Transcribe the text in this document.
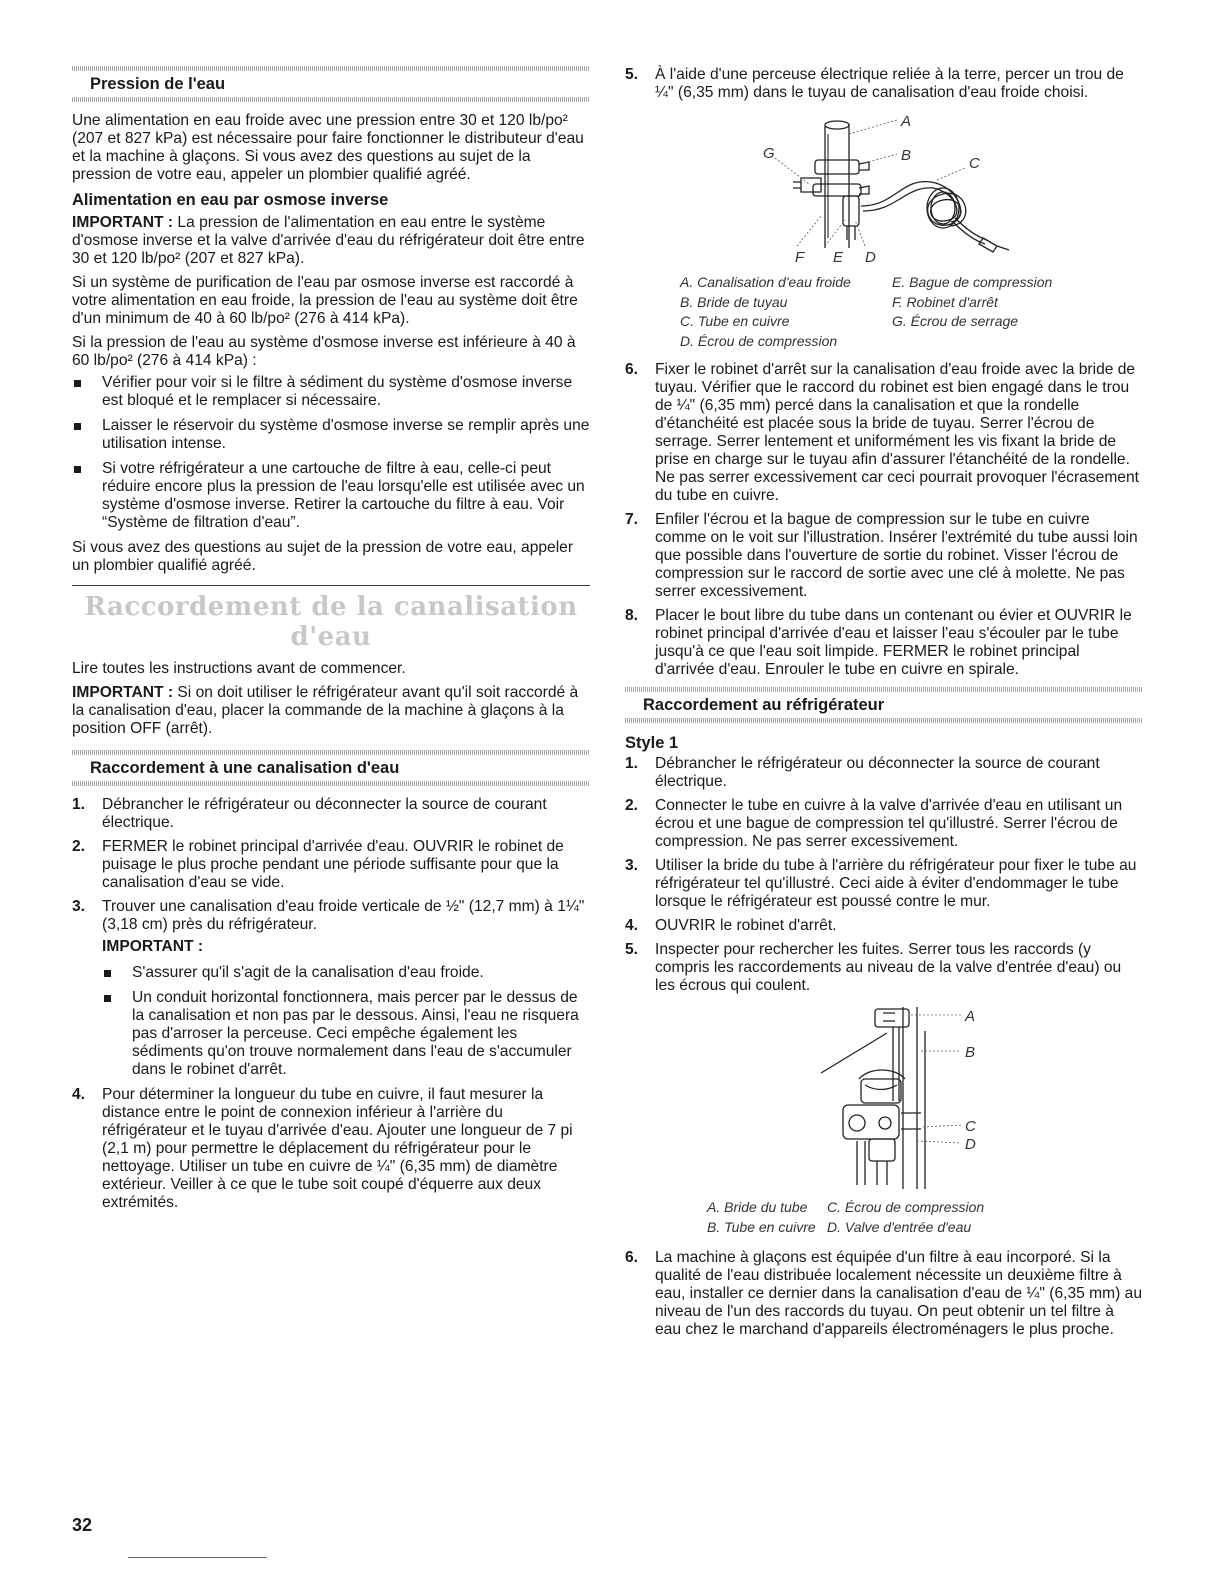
Pression de l'eau

Une alimentation en eau froide avec une pression entre 30 et 120 lb/po² (207 et 827 kPa) est nécessaire pour faire fonctionner le distributeur d'eau et la machine à glaçons. Si vous avez des questions au sujet de la pression de votre eau, appeler un plombier qualifié agréé.

Alimentation en eau par osmose inverse

IMPORTANT : La pression de l'alimentation en eau entre le système d'osmose inverse et la valve d'arrivée d'eau du réfrigérateur doit être entre 30 et 120 lb/po² (207 et 827 kPa).

Si un système de purification de l'eau par osmose inverse est raccordé à votre alimentation en eau froide, la pression de l'eau au système doit être d'un minimum de 40 à 60 lb/po² (276 à 414 kPa).

Si la pression de l'eau au système d'osmose inverse est inférieure à 40 à 60 lb/po² (276 à 414 kPa) :

Vérifier pour voir si le filtre à sédiment du système d'osmose inverse est bloqué et le remplacer si nécessaire.
Laisser le réservoir du système d'osmose inverse se remplir après une utilisation intense.
Si votre réfrigérateur a une cartouche de filtre à eau, celle-ci peut réduire encore plus la pression de l'eau lorsqu'elle est utilisée avec un système d'osmose inverse. Retirer la cartouche du filtre à eau. Voir “Système de filtration d'eau”.

Si vous avez des questions au sujet de la pression de votre eau, appeler un plombier qualifié agréé.

Raccordement de la canalisation d'eau

Lire toutes les instructions avant de commencer.

IMPORTANT : Si on doit utiliser le réfrigérateur avant qu'il soit raccordé à la canalisation d'eau, placer la commande de la machine à glaçons à la position OFF (arrêt).

Raccordement à une canalisation d'eau
1. Débrancher le réfrigérateur ou déconnecter la source de courant électrique.
2. FERMER le robinet principal d'arrivée d'eau. OUVRIR le robinet de puisage le plus proche pendant une période suffisante pour que la canalisation d'eau se vide.
3. Trouver une canalisation d'eau froide verticale de ½" (12,7 mm) à 1¼" (3,18 cm) près du réfrigérateur.

IMPORTANT :

S'assurer qu'il s'agit de la canalisation d'eau froide.
Un conduit horizontal fonctionnera, mais percer par le dessus de la canalisation et non pas par le dessous. Ainsi, l'eau ne risquera pas d'arroser la perceuse. Ceci empêche également les sédiments qu'on trouve normalement dans l'eau de s'accumuler dans le robinet d'arrêt.
4. Pour déterminer la longueur du tube en cuivre, il faut mesurer la distance entre le point de connexion inférieur à l'arrière du réfrigérateur et le tuyau d'arrivée d'eau. Ajouter une longueur de 7 pi (2,1 m) pour permettre le déplacement du réfrigérateur pour le nettoyage. Utiliser un tube en cuivre de ¼" (6,35 mm) de diamètre extérieur. Veiller à ce que le tube soit coupé d'équerre aux deux extrémités.
5. À l'aide d'une perceuse électrique reliée à la terre, percer un trou de ¼" (6,35 mm) dans le tuyau de canalisation d'eau froide choisi.
A
B	C
D
E
F
G

A. Canalisation d'eau froide

B. Bride de tuyau

C. Tube en cuivre

D. Écrou de compression

E. Bague de compression

F. Robinet d'arrêt

G. Écrou de serrage

6. Fixer le robinet d'arrêt sur la canalisation d'eau froide avec la bride de tuyau. Vérifier que le raccord du robinet est bien engagé dans le trou de ¼" (6,35 mm) percé dans la canalisation et que la rondelle d'étanchéité est placée sous la bride de tuyau. Serrer l'écrou de serrage. Serrer lentement et uniformément les vis fixant la bride de prise en charge sur le tuyau afin d'assurer l'étanchéité de la rondelle. Ne pas serrer excessivement car ceci pourrait provoquer l'écrasement du tube en cuivre.
7. Enfiler l'écrou et la bague de compression sur le tube en cuivre comme on le voit sur l'illustration. Insérer l'extrémité du tube aussi loin que possible dans l'ouverture de sortie du robinet. Visser l'écrou de compression sur le raccord de sortie avec une clé à molette. Ne pas serrer excessivement.
8. Placer le bout libre du tube dans un contenant ou évier et OUVRIR le robinet principal d'arrivée d'eau et laisser l'eau s'écouler par le tube jusqu'à ce que l'eau soit limpide. FERMER le robinet principal d'arrivée d'eau. Enrouler le tube en cuivre en spirale.
Raccordement au réfrigérateur
Style 1
1. Débrancher le réfrigérateur ou déconnecter la source de courant électrique.
2. Connecter le tube en cuivre à la valve d'arrivée d'eau en utilisant un écrou et une bague de compression tel qu'illustré. Serrer l'écrou de compression. Ne pas serrer excessivement.
3. Utiliser la bride du tube à l'arrière du réfrigérateur pour fixer le tube au réfrigérateur tel qu'illustré. Ceci aide à éviter d'endommager le tube lorsque le réfrigérateur est poussé contre le mur.
4. OUVRIR le robinet d'arrêt.
5. Inspecter pour rechercher les fuites. Serrer tous les raccords (y compris les raccordements au niveau de la valve d'entrée d'eau) ou les écrous qui coulent.
A
B
C
D

A. Bride du tube

B. Tube en cuivre

C. Écrou de compression

D. Valve d'entrée d'eau

6. La machine à glaçons est équipée d'un filtre à eau incorporé. Si la qualité de l'eau distribuée localement nécessite un deuxième filtre à eau, installer ce dernier dans la canalisation d'eau de ¼" (6,35 mm) au niveau de l'un des raccords du tuyau. On peut obtenir un tel filtre à eau chez le marchand d'appareils électroménagers le plus proche.
32
